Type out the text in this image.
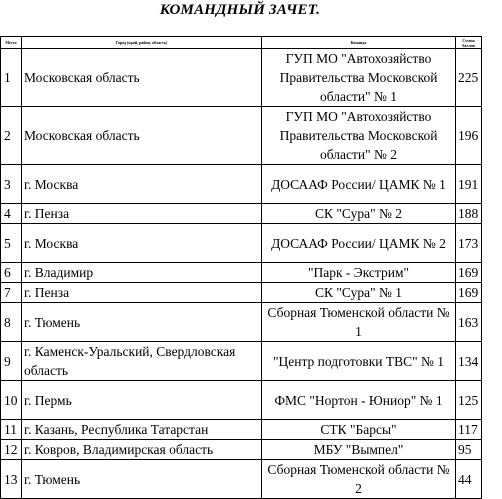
КОМАНДНЫЙ ЗАЧЕТ.
Место	Город (край, район, область)	Команда	Сумма баллов
1	Московская область	ГУП МО "Автохозяйство Правительства Московской области" № 1	225
2	Московская область	ГУП МО "Автохозяйство Правительства Московской области" № 2	196
3	г. Москва	ДОСААФ России/ ЦАМК № 1	191
4	г. Пенза	СК "Сура" № 2	188
5	г. Москва	ДОСААФ России/ ЦАМК № 2	173
6	г. Владимир	"Парк - Экстрим"	169
7	г. Пенза	СК "Сура" № 1	169
8	г. Тюмень	Сборная Тюменской области № 1	163
9	г. Каменск-Уральский, Свердловская область	"Центр подготовки ТВС" № 1	134
10	г. Пермь	ФМС "Нортон - Юниор" № 1	125
11	г. Казань, Республика Татарстан	СТК "Барсы"	117
12	г. Ковров, Владимирская область	МБУ "Вымпел"	95
13	г. Тюмень	Сборная Тюменской области № 2	44
